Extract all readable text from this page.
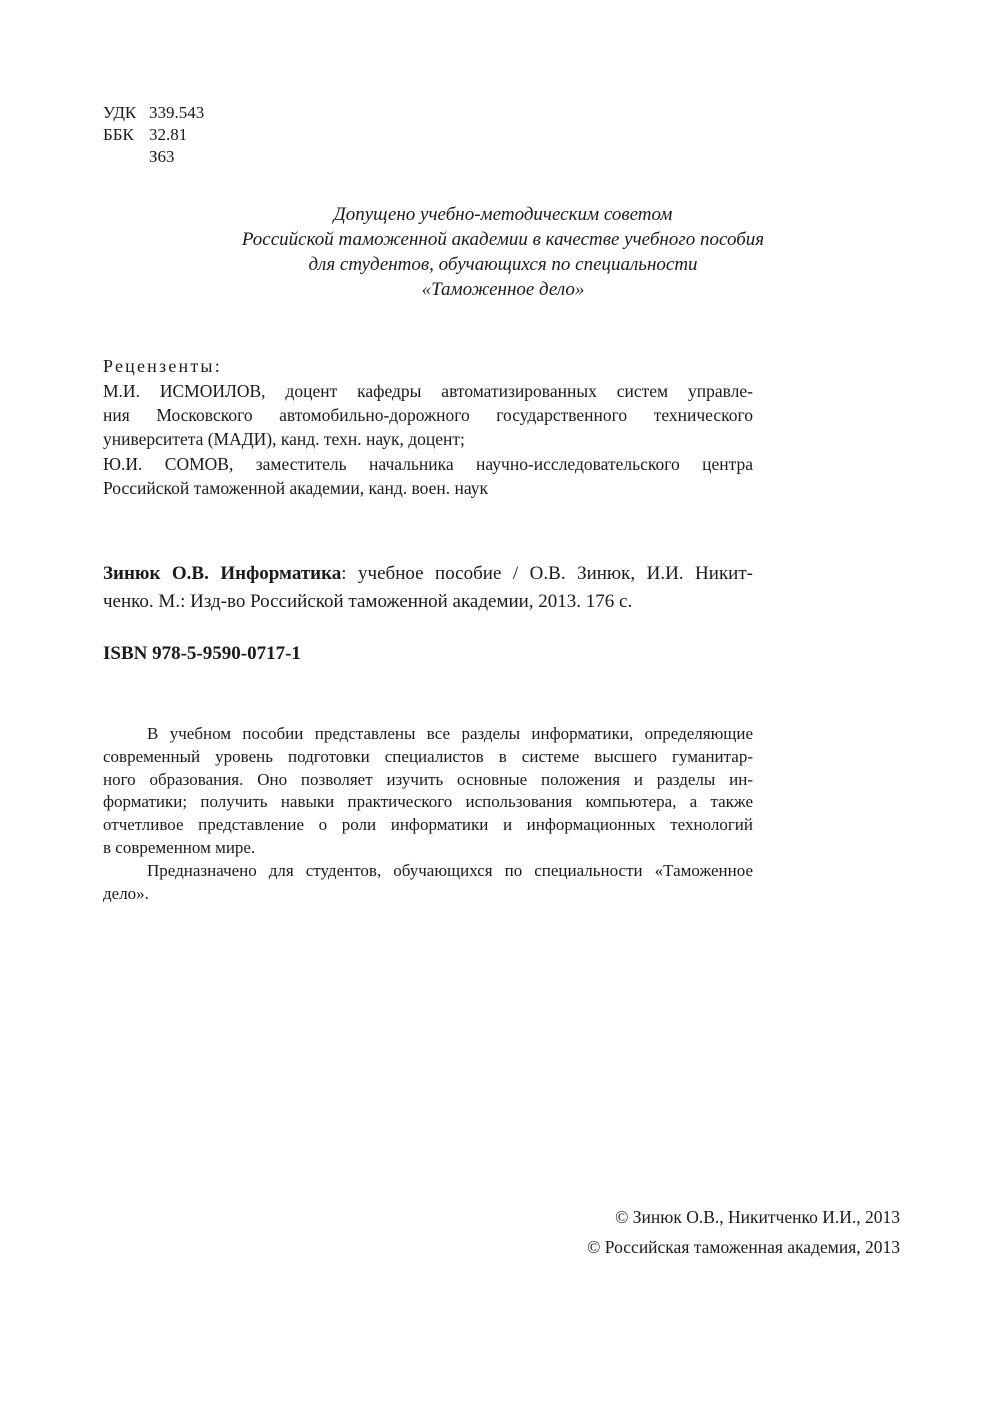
УДК 339.543
ББК 32.81
З63
Допущено учебно-методическим советом
Российской таможенной академии в качестве учебного пособия
для студентов, обучающихся по специальности
«Таможенное дело»
Рецензенты:
М.И. ИСМОИЛОВ, доцент кафедры автоматизированных систем управле-
ния Московского автомобильно-дорожного государственного технического
университета (МАДИ), канд. техн. наук, доцент;
Ю.И. СОМОВ, заместитель начальника научно-исследовательского центра
Российской таможенной академии, канд. воен. наук
Зинюк О.В. Информатика: учебное пособие / О.В. Зинюк, И.И. Никит-
ченко. М.: Изд-во Российской таможенной академии, 2013. 176 с.
ISBN 978-5-9590-0717-1
В учебном пособии представлены все разделы информатики, определяющие
современный уровень подготовки специалистов в системе высшего гуманитар-
ного образования. Оно позволяет изучить основные положения и разделы ин-
форматики; получить навыки практического использования компьютера, а также
отчетливое представление о роли информатики и информационных технологий
в современном мире.
Предназначено для студентов, обучающихся по специальности «Таможенное
дело».
© Зинюк О.В., Никитченко И.И., 2013
© Российская таможенная академия, 2013
